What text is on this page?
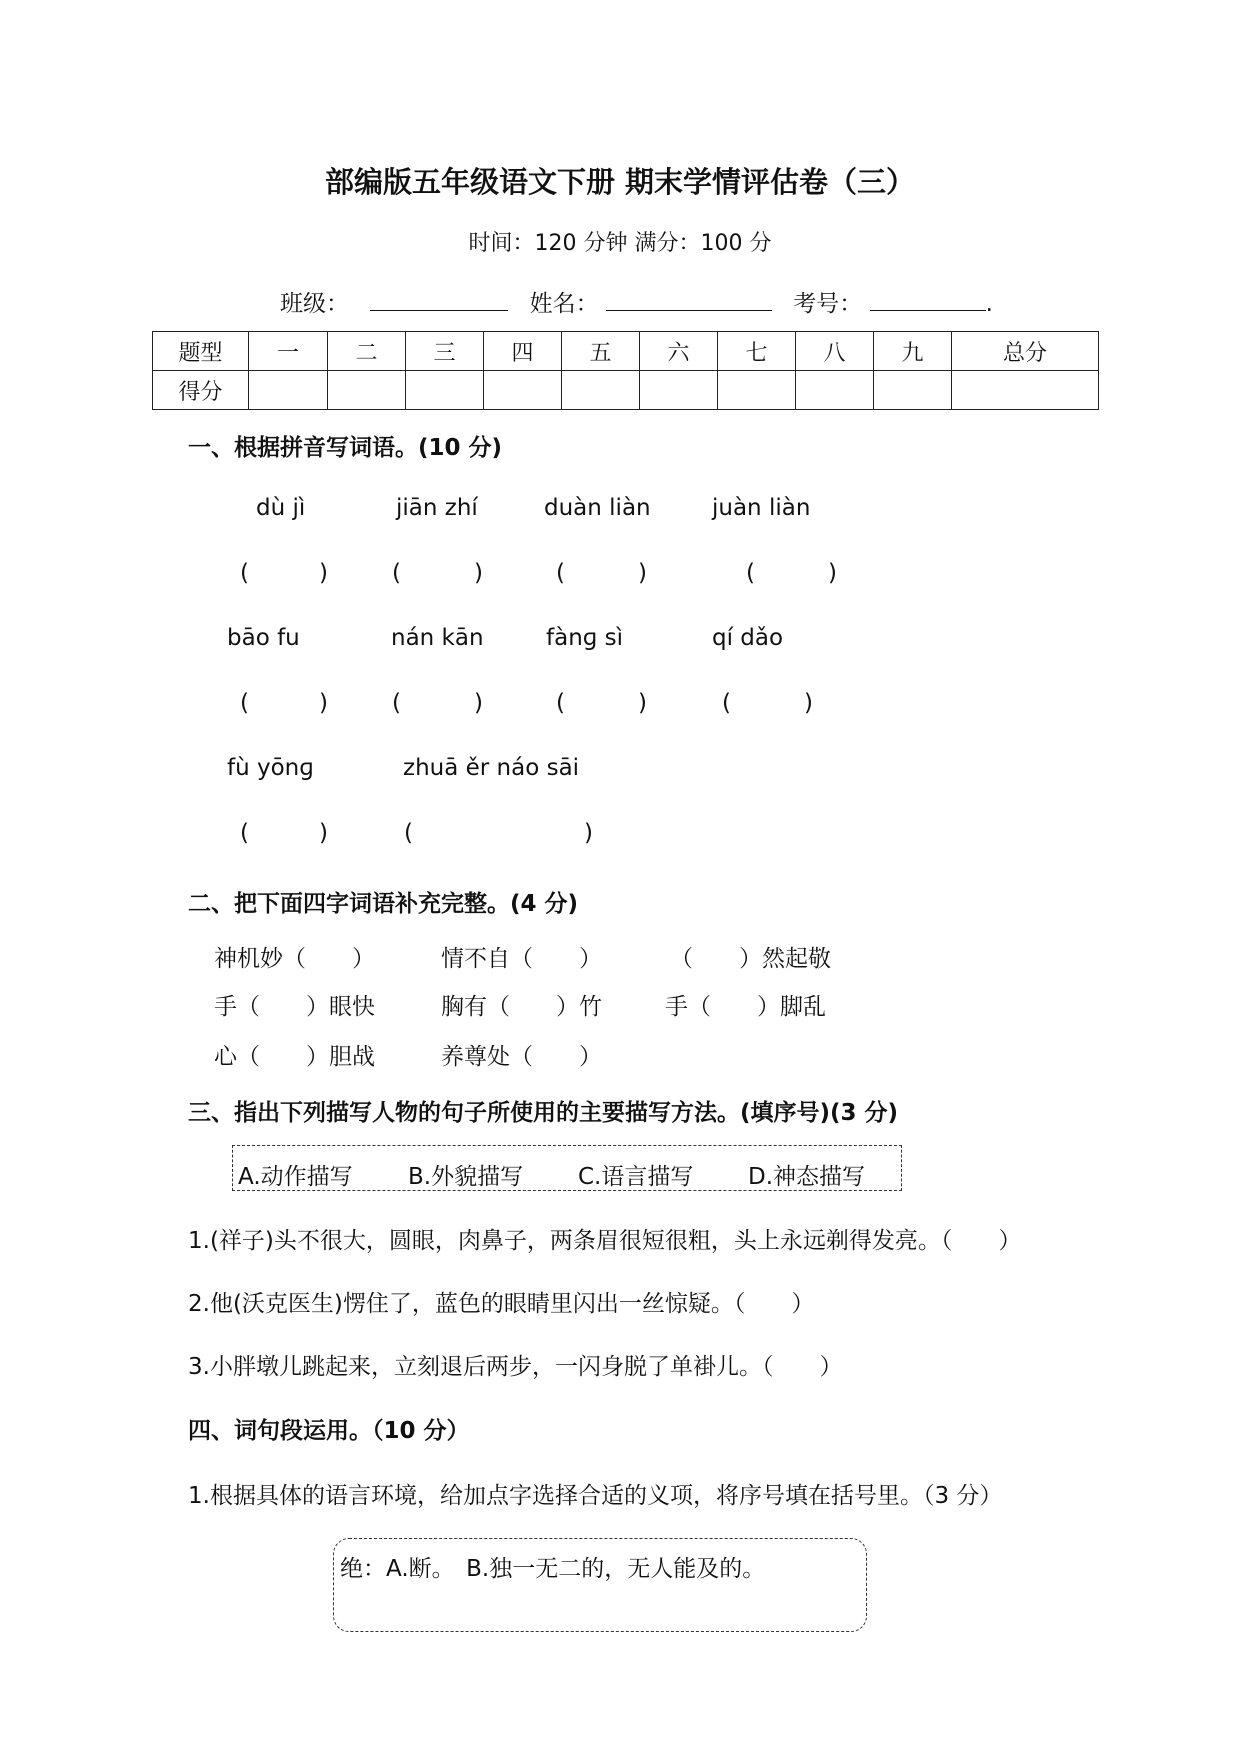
部编版五年级语文下册 期末学情评估卷（三）
时间：120 分钟 满分：100 分
班级：	姓名：	考号：	.
题型	一	二	三	四	五	六	七	八	九	总分
得分										
一、根据拼音写词语。(10 分)
dù jì	jiān zhí	duàn liàn	juàn liàn
(	)	(	)	(	)	(	)
bāo fu	nán kān	fànɡ sì	qí dǎo
(	)	(	)	(	)	(	)
fù yōnɡ	zhuā ěr náo sāi
(	)	(	)
二、把下面四字词语补充完整。(4 分)
神机妙（　　）	情不自（　　）	（　　）然起敬
手（　　）眼快	胸有（　　）竹	手（　　）脚乱
心（　　）胆战	养尊处（　　）
三、指出下列描写人物的句子所使用的主要描写方法。(填序号)(3 分)
A.动作描写 B.外貌描写 C.语言描写 D.神态描写
1.(祥子)头不很大，圆眼，肉鼻子，两条眉很短很粗，头上永远剃得发亮。（　　）
2.他(沃克医生)愣住了，蓝色的眼睛里闪出一丝惊疑。（　　）
3.小胖墩儿跳起来，立刻退后两步，一闪身脱了单褂儿。（　　）
四、词句段运用。（10 分）
1.根据具体的语言环境，给加点字选择合适的义项，将序号填在括号里。（3 分）
绝：A.断。　B.独一无二的，无人能及的。
